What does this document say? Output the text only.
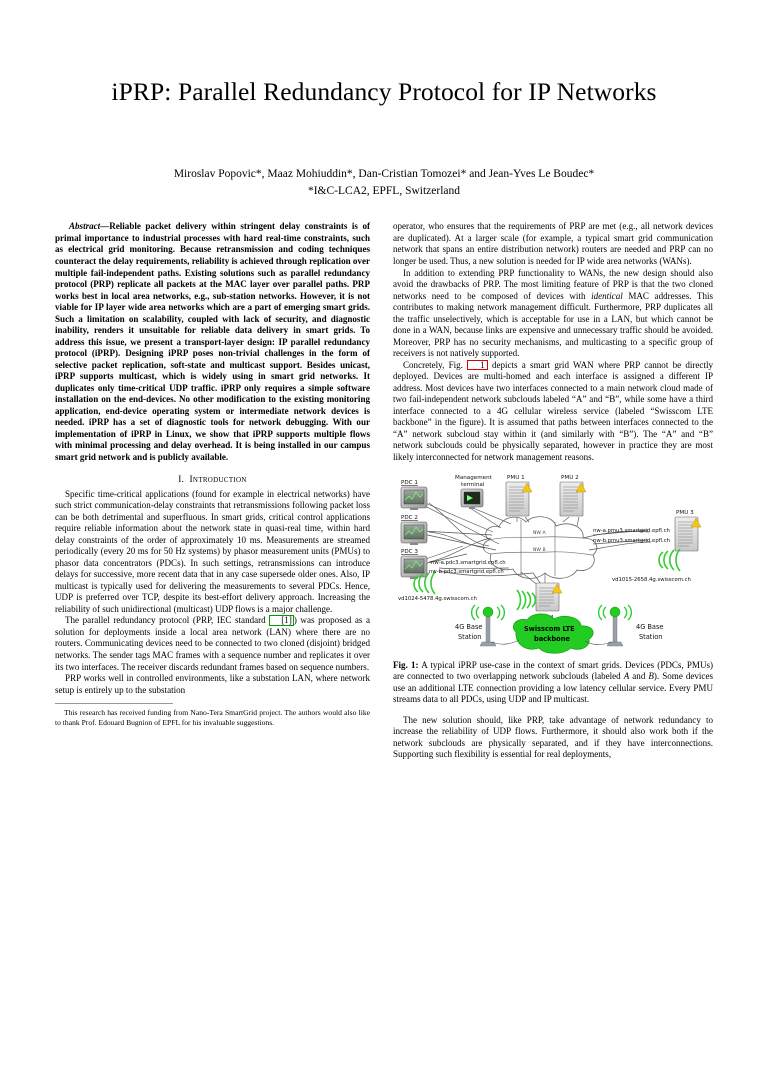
iPRP: Parallel Redundancy Protocol for IP Networks
Miroslav Popovic*, Maaz Mohiuddin*, Dan-Cristian Tomozei* and Jean-Yves Le Boudec*
*I&C-LCA2, EPFL, Switzerland
Abstract—Reliable packet delivery within stringent delay constraints is of primal importance to industrial processes with hard real-time constraints, such as electrical grid monitoring. Because retransmission and coding techniques counteract the delay requirements, reliability is achieved through replication over multiple fail-independent paths. Existing solutions such as parallel redundancy protocol (PRP) replicate all packets at the MAC layer over parallel paths. PRP works best in local area networks, e.g., sub-station networks. However, it is not viable for IP layer wide area networks which are a part of emerging smart grids. Such a limitation on scalability, coupled with lack of security, and diagnostic inability, renders it unsuitable for reliable data delivery in smart grids. To address this issue, we present a transport-layer design: IP parallel redundancy protocol (iPRP). Designing iPRP poses non-trivial challenges in the form of selective packet replication, soft-state and multicast support. Besides unicast, iPRP supports multicast, which is widely using in smart grid networks. It duplicates only time-critical UDP traffic. iPRP only requires a simple software installation on the end-devices. No other modification to the existing monitoring application, end-device operating system or intermediate network devices is needed. iPRP has a set of diagnostic tools for network debugging. With our implementation of iPRP in Linux, we show that iPRP supports multiple flows with minimal processing and delay overhead. It is being installed in our campus smart grid network and is publicly available.
I. Introduction

Specific time-critical applications (found for example in electrical networks) have such strict communication-delay constraints that retransmissions following packet loss can be both detrimental and superfluous. In smart grids, critical control applications require reliable information about the network state in quasi-real time, within hard delay constraints of the order of approximately 10 ms. Measurements are streamed periodically (every 20 ms for 50 Hz systems) by phasor measurement units (PMUs) to phasor data concentrators (PDCs). In such settings, retransmissions can introduce delays for successive, more recent data that in any case supersede older ones. Also, IP multicast is typically used for delivering the measurements to several PDCs. Hence, UDP is preferred over TCP, despite its best-effort delivery approach. Increasing the reliability of such unidirectional (multicast) UDP flows is a major challenge.

The parallel redundancy protocol (PRP, IEC standard [1] ) was proposed as a solution for deployments inside a local area network (LAN) where there are no routers. Communicating devices need to be connected to two cloned (disjoint) bridged networks. The sender tags MAC frames with a sequence number and replicates it over its two interfaces. The receiver discards redundant frames based on sequence numbers.

PRP works well in controlled environments, like a substation LAN, where network setup is entirely up to the substation

This research has received funding from Nano-Tera SmartGrid project. The authors would also like to thank Prof. Edouard Bugnion of EPFL for his invaluable suggestions.

operator, who ensures that the requirements of PRP are met (e.g., all network devices are duplicated). At a larger scale (for example, a typical smart grid communication network that spans an entire distribution network) routers are needed and PRP can no longer be used. Thus, a new solution is needed for IP wide area networks (WANs).

In addition to extending PRP functionality to WANs, the new design should also avoid the drawbacks of PRP. The most limiting feature of PRP is that the two cloned networks need to be composed of devices with identical MAC addresses. This contributes to making network management difficult. Furthermore, PRP duplicates all the traffic unselectively, which is acceptable for use in a LAN, but which cannot be done in a WAN, because links are expensive and unnecessary traffic should be avoided. Moreover, PRP has no security mechanisms, and multicasting to a specific group of receivers is not natively supported.

Concretely, Fig. 1 depicts a smart grid WAN where PRP cannot be directly deployed. Devices are multi-homed and each interface is assigned a different IP address. Most devices have two interfaces connected to a main network cloud made of two fail-independent network subclouds labeled “A” and “B”, while some have a third interface connected to a 4G cellular wireless service (labeled “Swisscom LTE backbone” in the figure). It is assumed that paths between interfaces connected to the “A” network subcloud stay within it (and similarly with “B”). The “A” and “B” network subclouds could be physically separated, however in practice they are most likely interconnected for network management reasons.

NW A
NW B
PDC 1
PDC 2
PDC 3
nw-a.pdc3.smartgrid.epfl.ch
nw-b.pdc3.smartgrid.epfl.ch
vd1024-5478.4g.swisscom.ch
Management
terminal
PMU 1	PMU 2
PMU 3
nw-a.pmu3.smartgrid.epfl.ch
nw-b.pmu3.smartgrid.epfl.ch
vd1015-2658.4g.swisscom.ch
Swisscom LTE
backbone
4G Base
Station
4G Base
Station
Fig. 1: A typical iPRP use-case in the context of smart grids. Devices (PDCs, PMUs) are connected to two overlapping network subclouds (labeled A and B). Some devices use an additional LTE connection providing a low latency cellular service. Every PMU streams data to all PDCs, using UDP and IP multicast.

The new solution should, like PRP, take advantage of network redundancy to increase the reliability of UDP flows. Furthermore, it should also work both if the network subclouds are physically separated, and if they have interconnections. Supporting such flexibility is essential for real deployments,
